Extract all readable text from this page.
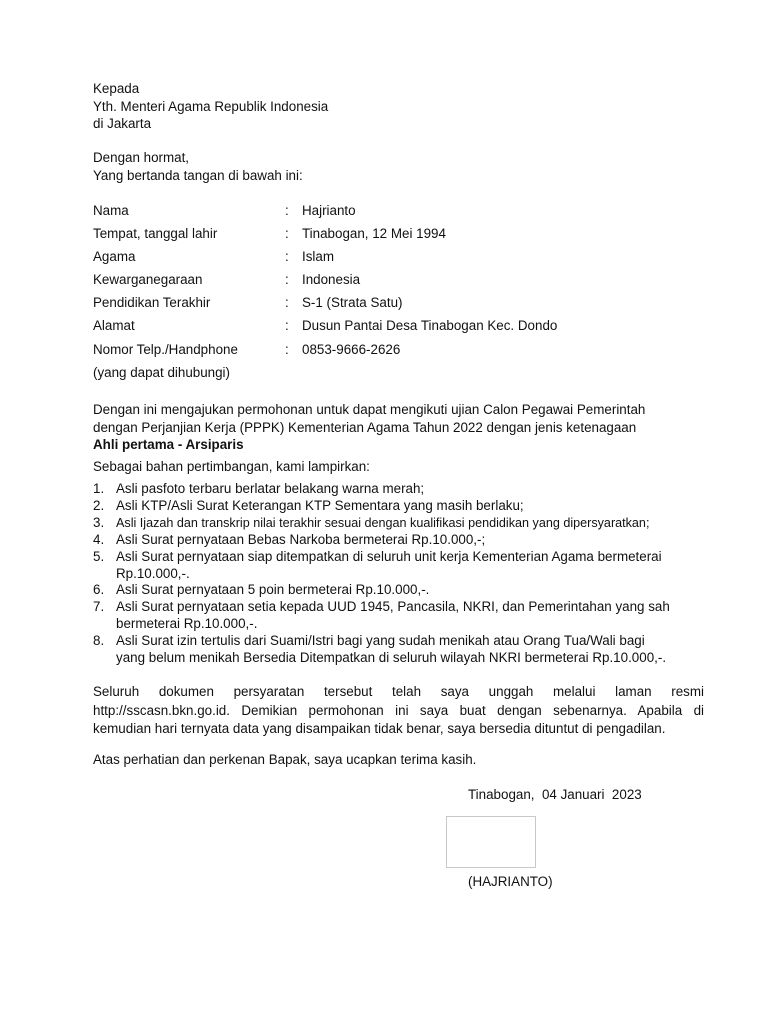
Kepada
Yth. Menteri Agama Republik Indonesia
di Jakarta
Dengan hormat,
Yang bertanda tangan di bawah ini:
Nama	: Hajrianto
Tempat, tanggal lahir	: Tinabogan, 12 Mei 1994
Agama	: Islam
Kewarganegaraan	: Indonesia
Pendidikan Terakhir	: S-1 (Strata Satu)
Alamat	: Dusun Pantai Desa Tinabogan Kec. Dondo
Nomor Telp./Handphone	: 0853-9666-2626
(yang dapat dihubungi)
Dengan ini mengajukan permohonan untuk dapat mengikuti ujian Calon Pegawai Pemerintah
dengan Perjanjian Kerja (PPPK) Kementerian Agama Tahun 2022 dengan jenis ketenagaan
Ahli pertama - Arsiparis
Sebagai bahan pertimbangan, kami lampirkan:
1. Asli pasfoto terbaru berlatar belakang warna merah;
2. Asli KTP/Asli Surat Keterangan KTP Sementara yang masih berlaku;
3. Asli Ijazah dan transkrip nilai terakhir sesuai dengan kualifikasi pendidikan yang dipersyaratkan;
4. Asli Surat pernyataan Bebas Narkoba bermeterai Rp.10.000,-;
5. Asli Surat pernyataan siap ditempatkan di seluruh unit kerja Kementerian Agama bermeterai
Rp.10.000,-.
6. Asli Surat pernyataan 5 poin bermeterai Rp.10.000,-.
7. Asli Surat pernyataan setia kepada UUD 1945, Pancasila, NKRI, dan Pemerintahan yang sah
bermeterai Rp.10.000,-.
8. Asli Surat izin tertulis dari Suami/Istri bagi yang sudah menikah atau Orang Tua/Wali bagi
yang belum menikah Bersedia Ditempatkan di seluruh wilayah NKRI bermeterai Rp.10.000,-.
Seluruh dokumen persyaratan tersebut telah saya unggah melalui laman resmi
http://sscasn.bkn.go.id. Demikian permohonan ini saya buat dengan sebenarnya. Apabila di
kemudian hari ternyata data yang disampaikan tidak benar, saya bersedia dituntut di pengadilan.
Atas perhatian dan perkenan Bapak, saya ucapkan terima kasih.
Tinabogan,  04 Januari  2023
(HAJRIANTO)
